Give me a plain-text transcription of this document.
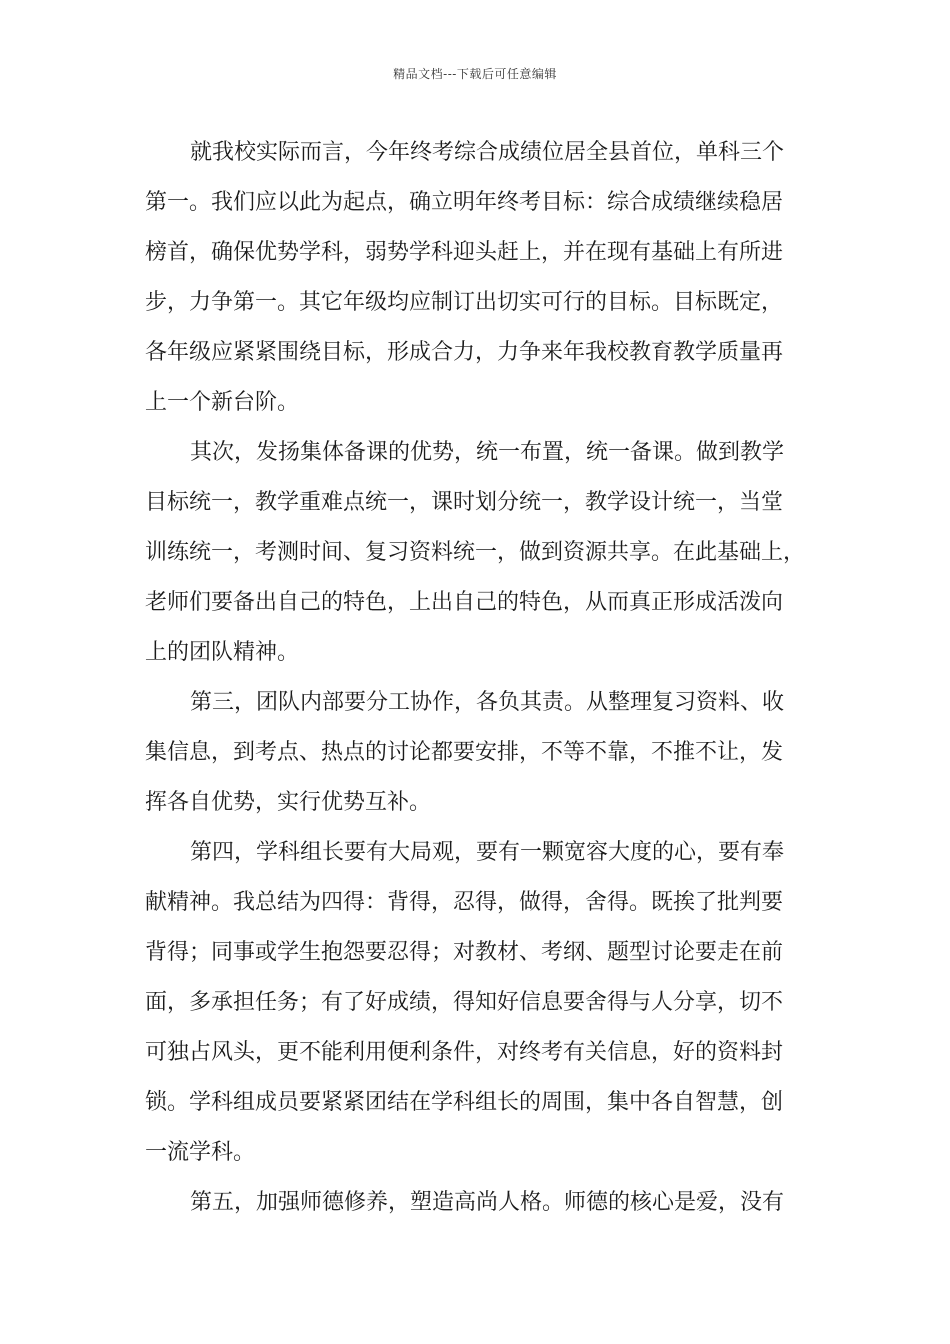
精品文档---下载后可任意编辑
就我校实际而言，今年终考综合成绩位居全县首位，单科三个
第一。我们应以此为起点，确立明年终考目标：综合成绩继续稳居
榜首，确保优势学科，弱势学科迎头赶上，并在现有基础上有所进
步，力争第一。其它年级均应制订出切实可行的目标。目标既定，
各年级应紧紧围绕目标，形成合力，力争来年我校教育教学质量再
上一个新台阶。
其次，发扬集体备课的优势，统一布置，统一备课。做到教学
目标统一，教学重难点统一，课时划分统一，教学设计统一，当堂
训练统一，考测时间、复习资料统一，做到资源共享。在此基础上，
老师们要备出自己的特色，上出自己的特色，从而真正形成活泼向
上的团队精神。
第三，团队内部要分工协作，各负其责。从整理复习资料、收
集信息，到考点、热点的讨论都要安排，不等不靠，不推不让，发
挥各自优势，实行优势互补。
第四，学科组长要有大局观，要有一颗宽容大度的心，要有奉
献精神。我总结为四得：背得，忍得，做得，舍得。既挨了批判要
背得；同事或学生抱怨要忍得；对教材、考纲、题型讨论要走在前
面，多承担任务；有了好成绩，得知好信息要舍得与人分享，切不
可独占风头，更不能利用便利条件，对终考有关信息，好的资料封
锁。学科组成员要紧紧团结在学科组长的周围，集中各自智慧，创
一流学科。
第五，加强师德修养，塑造高尚人格。师德的核心是爱，没有
